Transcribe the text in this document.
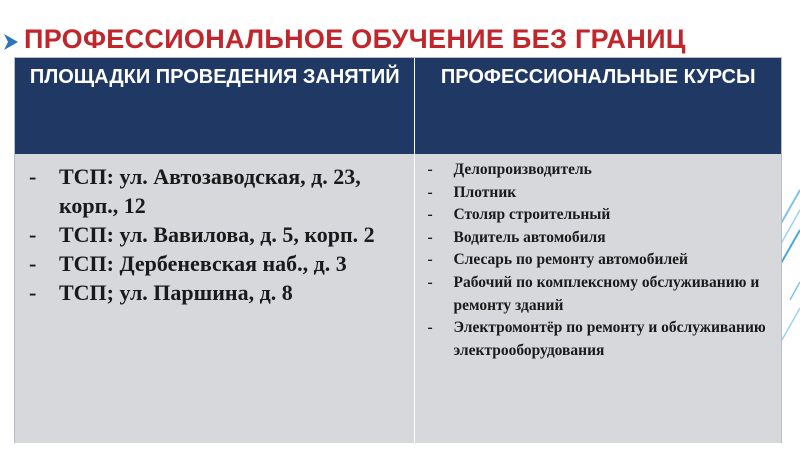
ПРОФЕССИОНАЛЬНОЕ ОБУЧЕНИЕ БЕЗ ГРАНИЦ
ПЛОЩАДКИ ПРОВЕДЕНИЯ ЗАНЯТИЙ	ПРОФЕССИОНАЛЬНЫЕ КУРСЫ
- ТСП: ул. Автозаводская, д. 23, корп., 12
- ТСП: ул. Вавилова, д. 5, корп. 2
- ТСП: Дербеневская наб., д. 3
- ТСП; ул. Паршина, д. 8
- Делопроизводитель
- Плотник
- Столяр строительный
- Водитель автомобиля
- Слесарь по ремонту автомобилей
- Рабочий по комплексному обслуживанию и ремонту зданий
- Электромонтёр по ремонту и обслуживанию электрооборудования
